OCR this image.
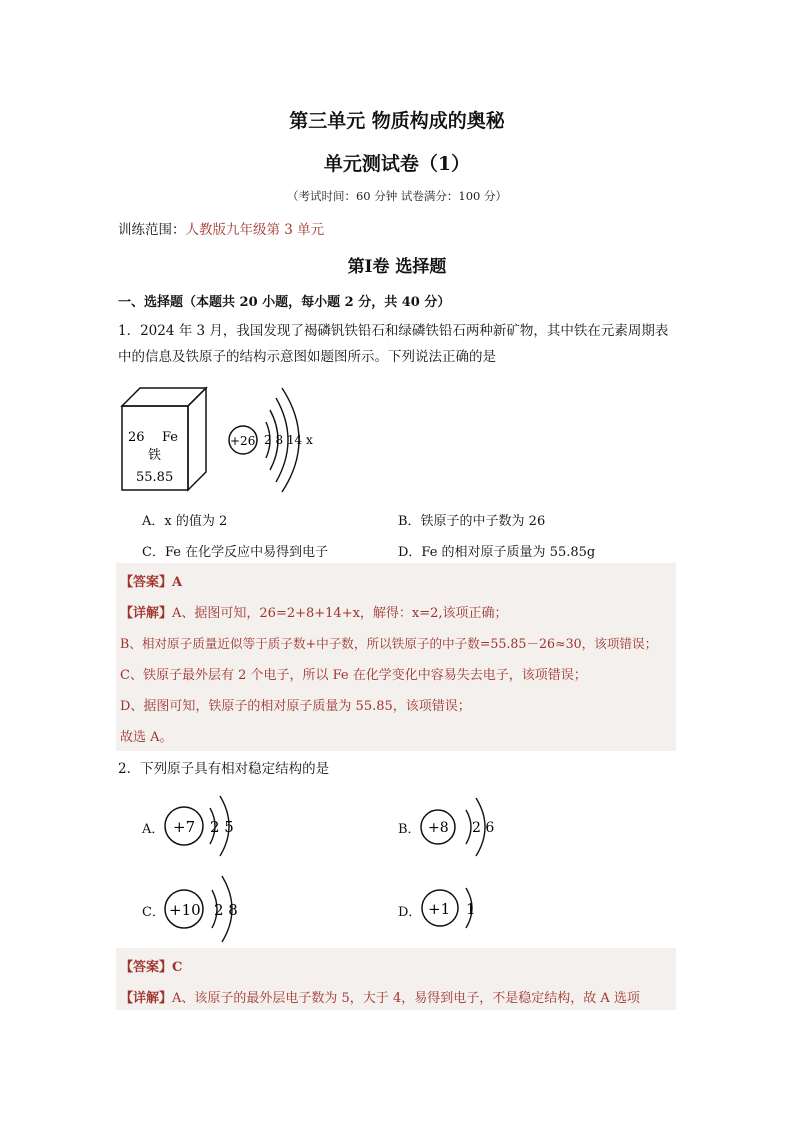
第三单元 物质构成的奥秘
单元测试卷（1）
（考试时间：60 分钟 试卷满分：100 分）
训练范围：人教版九年级第 3 单元
第Ⅰ卷 选择题
一、选择题（本题共 20 小题，每小题 2 分，共 40 分）
1．2024 年 3 月，我国发现了褐磷钒铁铅石和绿磷铁铅石两种新矿物，其中铁在元素周期表
中的信息及铁原子的结构示意图如题图所示。下列说法正确的是
26 Fe
铁
55.85
+26 2 8 14 x
A．x 的值为 2	B．铁原子的中子数为 26
C．Fe 在化学反应中易得到电子	D．Fe 的相对原子质量为 55.85g
【答案】A
【详解】A、据图可知，26=2+8+14+x，解得：x=2,该项正确；
B、相对原子质量近似等于质子数+中子数，所以铁原子的中子数=55.85－26≈30，该项错误；
C、铁原子最外层有 2 个电子，所以 Fe 在化学变化中容易失去电子，该项错误；
D、据图可知，铁原子的相对原子质量为 55.85，该项错误；
故选 A。
2．下列原子具有相对稳定结构的是
A． +7 2 5	B． +8 2 6
C． +10 2 8	D． +1 1
【答案】C
【详解】A、该原子的最外层电子数为 5，大于 4，易得到电子，不是稳定结构，故 A 选项
